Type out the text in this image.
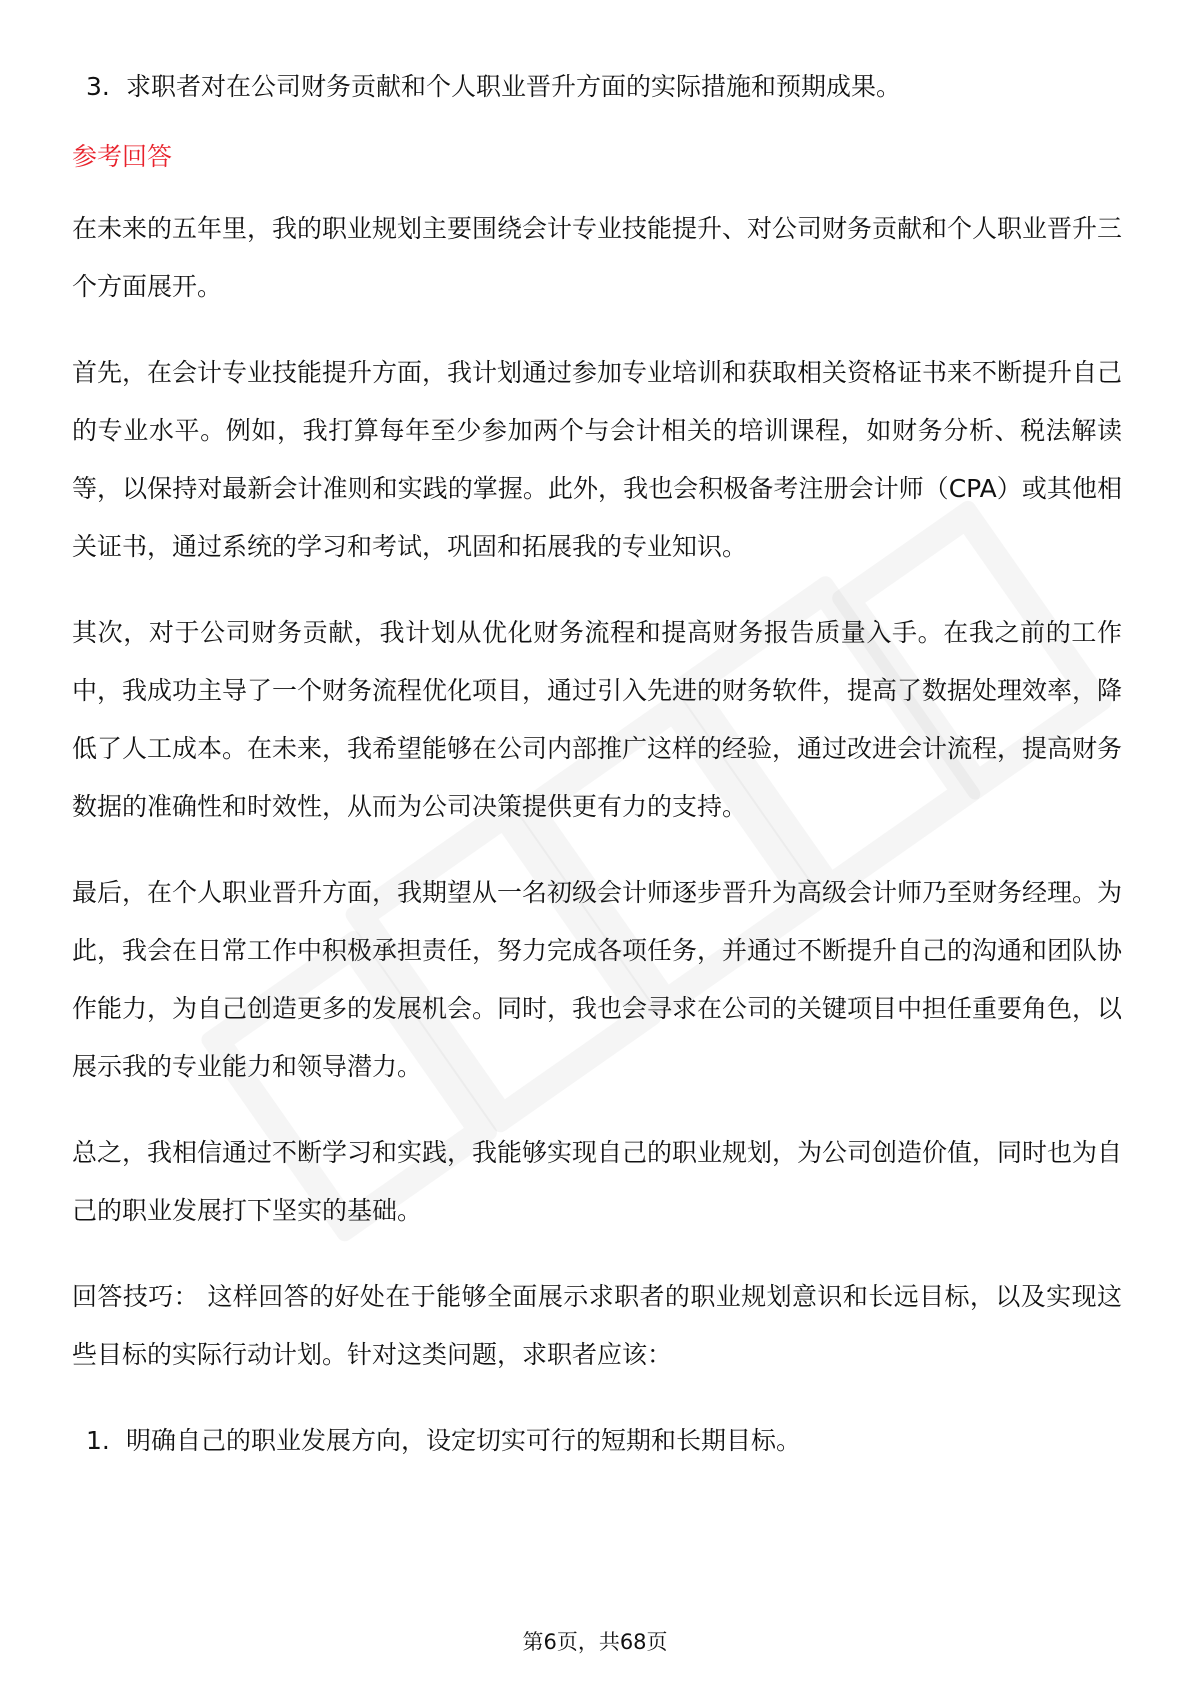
3. 求职者对在公司财务贡献和个人职业晋升方面的实际措施和预期成果。

参考回答

在未来的五年里，我的职业规划主要围绕会计专业技能提升、对公司财务贡献和个人职业晋升三个方面展开。

首先，在会计专业技能提升方面，我计划通过参加专业培训和获取相关资格证书来不断提升自己的专业水平。例如，我打算每年至少参加两个与会计相关的培训课程，如财务分析、税法解读等，以保持对最新会计准则和实践的掌握。此外，我也会积极备考注册会计师（CPA）或其他相关证书，通过系统的学习和考试，巩固和拓展我的专业知识。

其次，对于公司财务贡献，我计划从优化财务流程和提高财务报告质量入手。在我之前的工作中，我成功主导了一个财务流程优化项目，通过引入先进的财务软件，提高了数据处理效率，降低了人工成本。在未来，我希望能够在公司内部推广这样的经验，通过改进会计流程，提高财务数据的准确性和时效性，从而为公司决策提供更有力的支持。

最后，在个人职业晋升方面，我期望从一名初级会计师逐步晋升为高级会计师乃至财务经理。为此，我会在日常工作中积极承担责任，努力完成各项任务，并通过不断提升自己的沟通和团队协作能力，为自己创造更多的发展机会。同时，我也会寻求在公司的关键项目中担任重要角色，以展示我的专业能力和领导潜力。

总之，我相信通过不断学习和实践，我能够实现自己的职业规划，为公司创造价值，同时也为自己的职业发展打下坚实的基础。

回答技巧： 这样回答的好处在于能够全面展示求职者的职业规划意识和长远目标，以及实现这些目标的实际行动计划。针对这类问题，求职者应该：

1. 明确自己的职业发展方向，设定切实可行的短期和长期目标。

第6页，共68页
